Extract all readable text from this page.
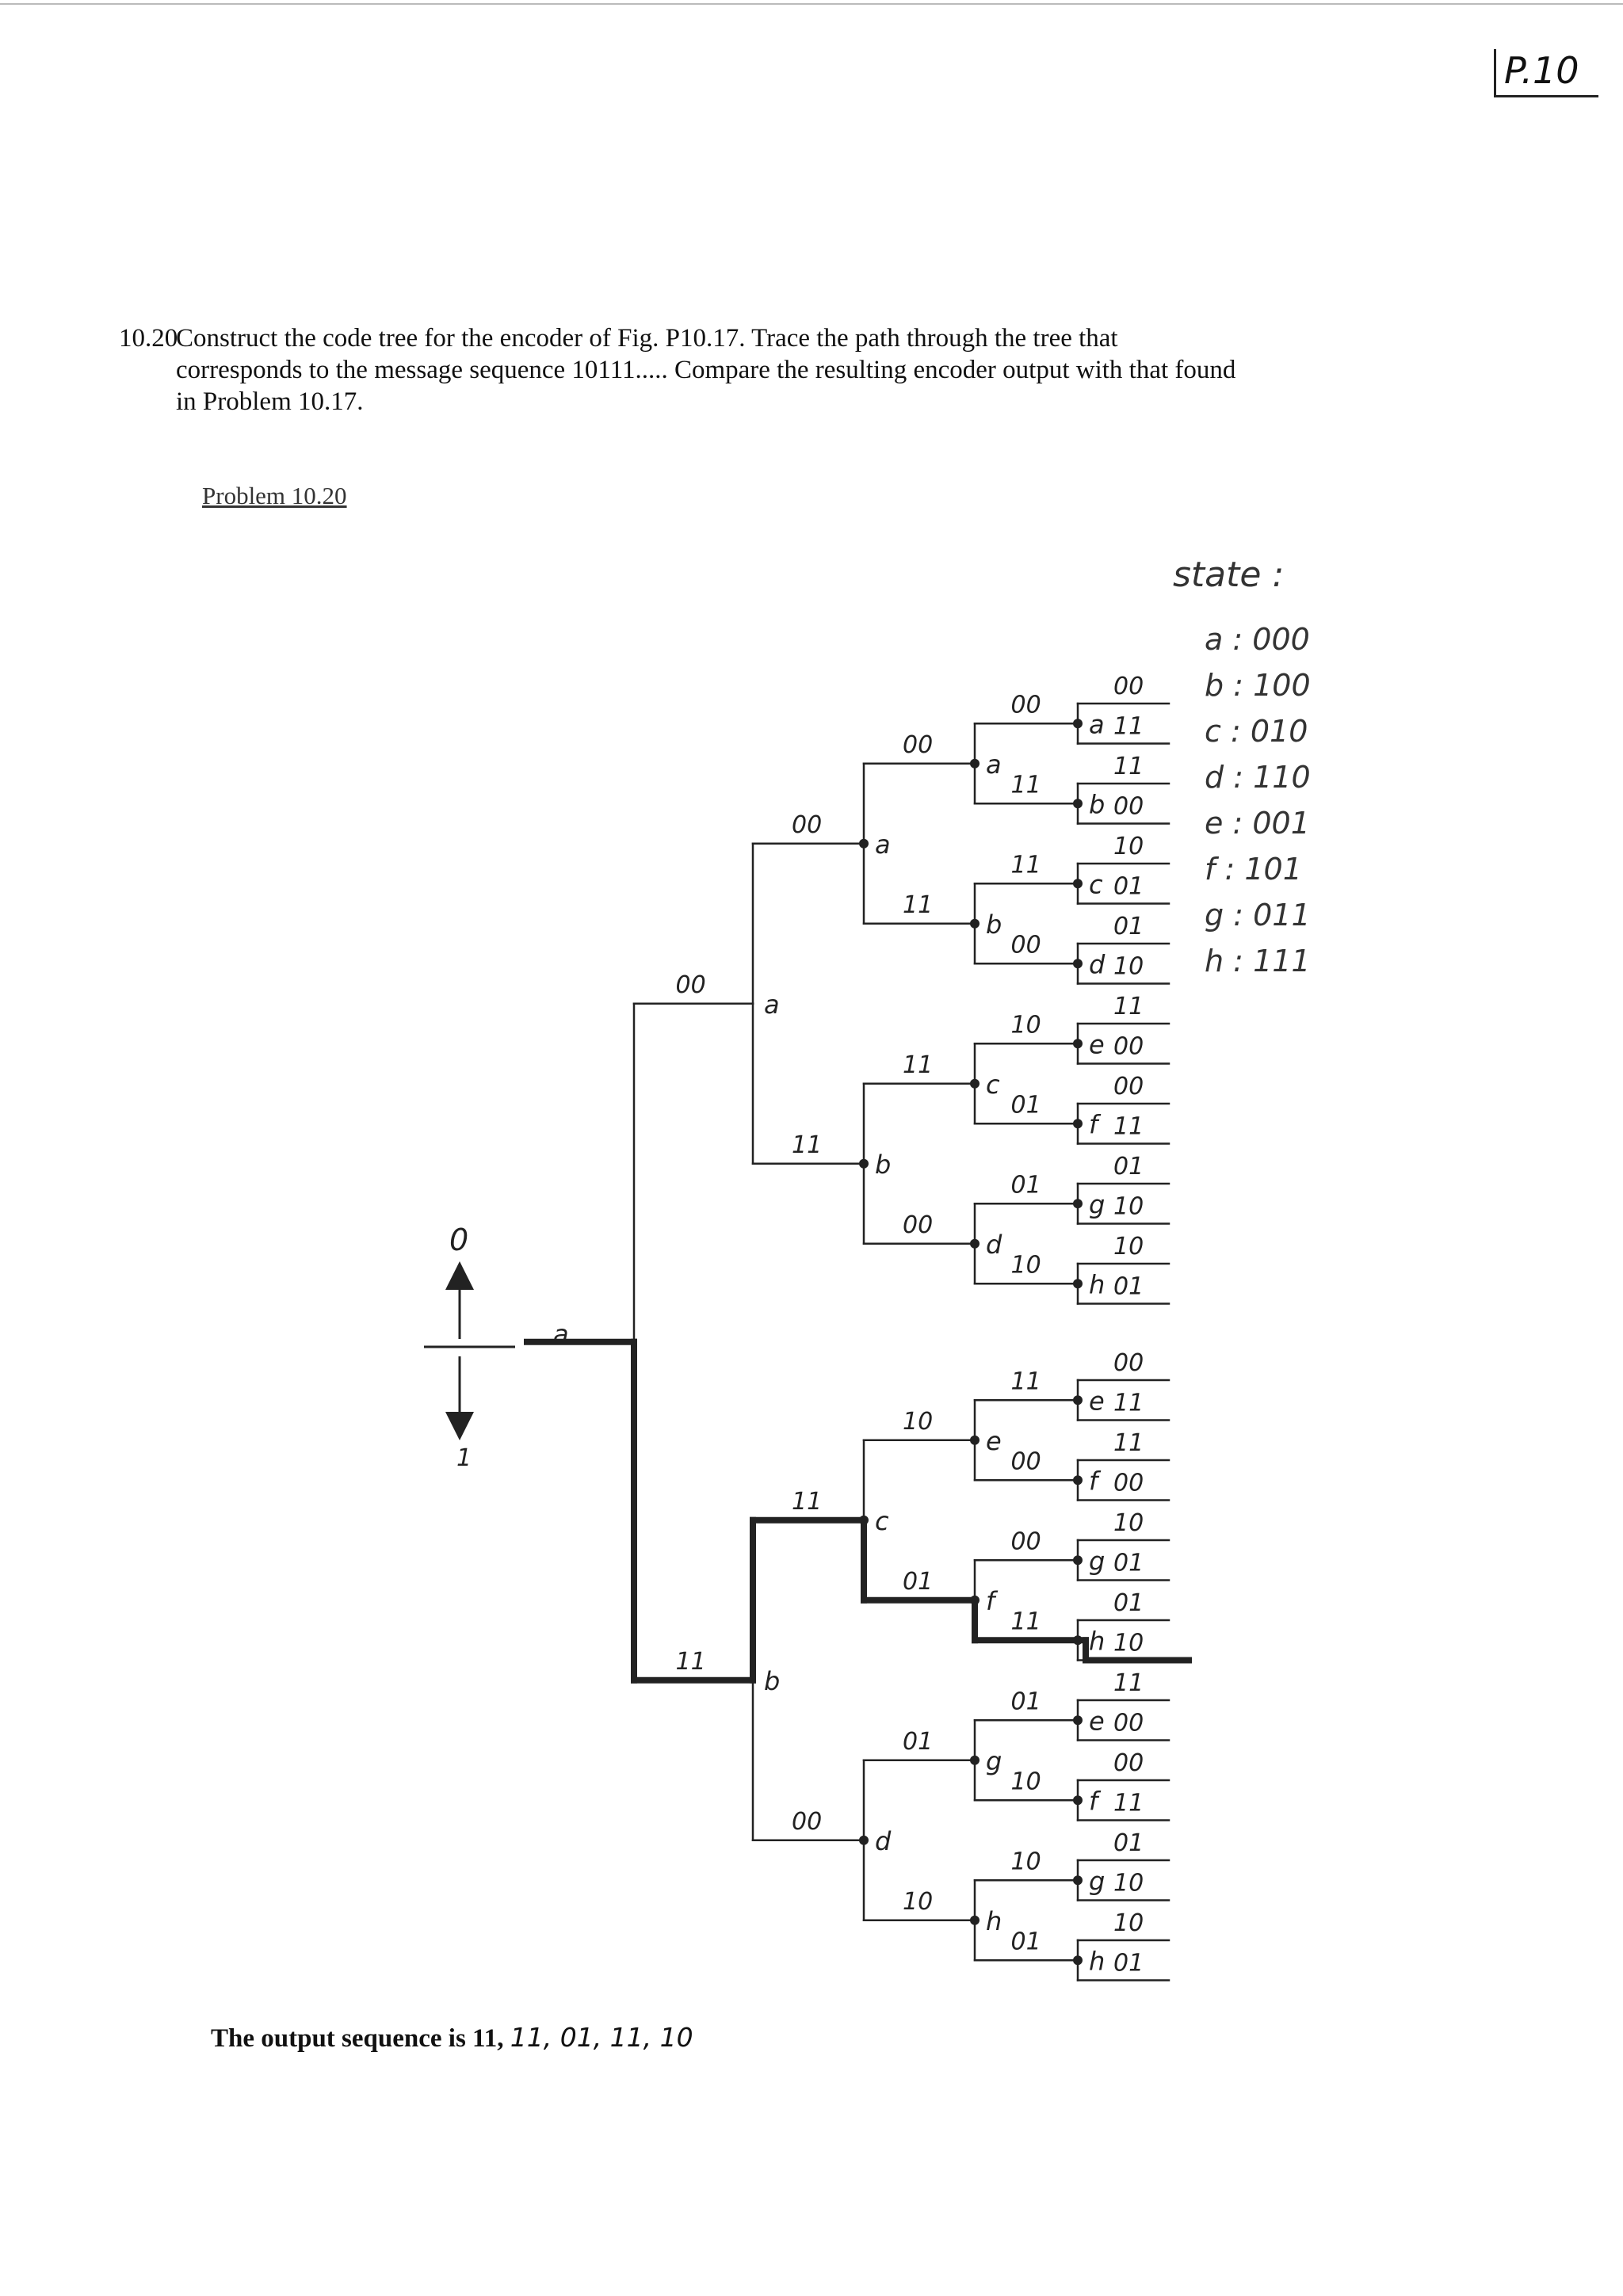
P.10
10.20
Construct the code tree for the encoder of Fig. P10.17. Trace the path through the tree that corresponds to the message sequence 10111..... Compare the resulting encoder output with that found in Problem 10.17.
Problem 10.20
state :
a : 000
b : 100
c : 010
d : 110
e : 001
f : 101
g : 011
h : 111
00
11
a
b
00
11
a
b
11
00
c
d
00
11
a
b
11
00
c
d
10
01
e
f
01
10
g
h
00
11
a
b
11
00
c
d
10
01
e
f
01
10
g
h
11
00
e
f
00
11
g
h
01
10
e
f
10
01
g
h
00
11
11
00
10
01
01
10
11
00
00
11
01
10
10
01
00
11
11
00
10
01
01
10
11
00
00
11
01
10
10
01
0
1
a
The output sequence is 11, 11, 01, 11, 10
